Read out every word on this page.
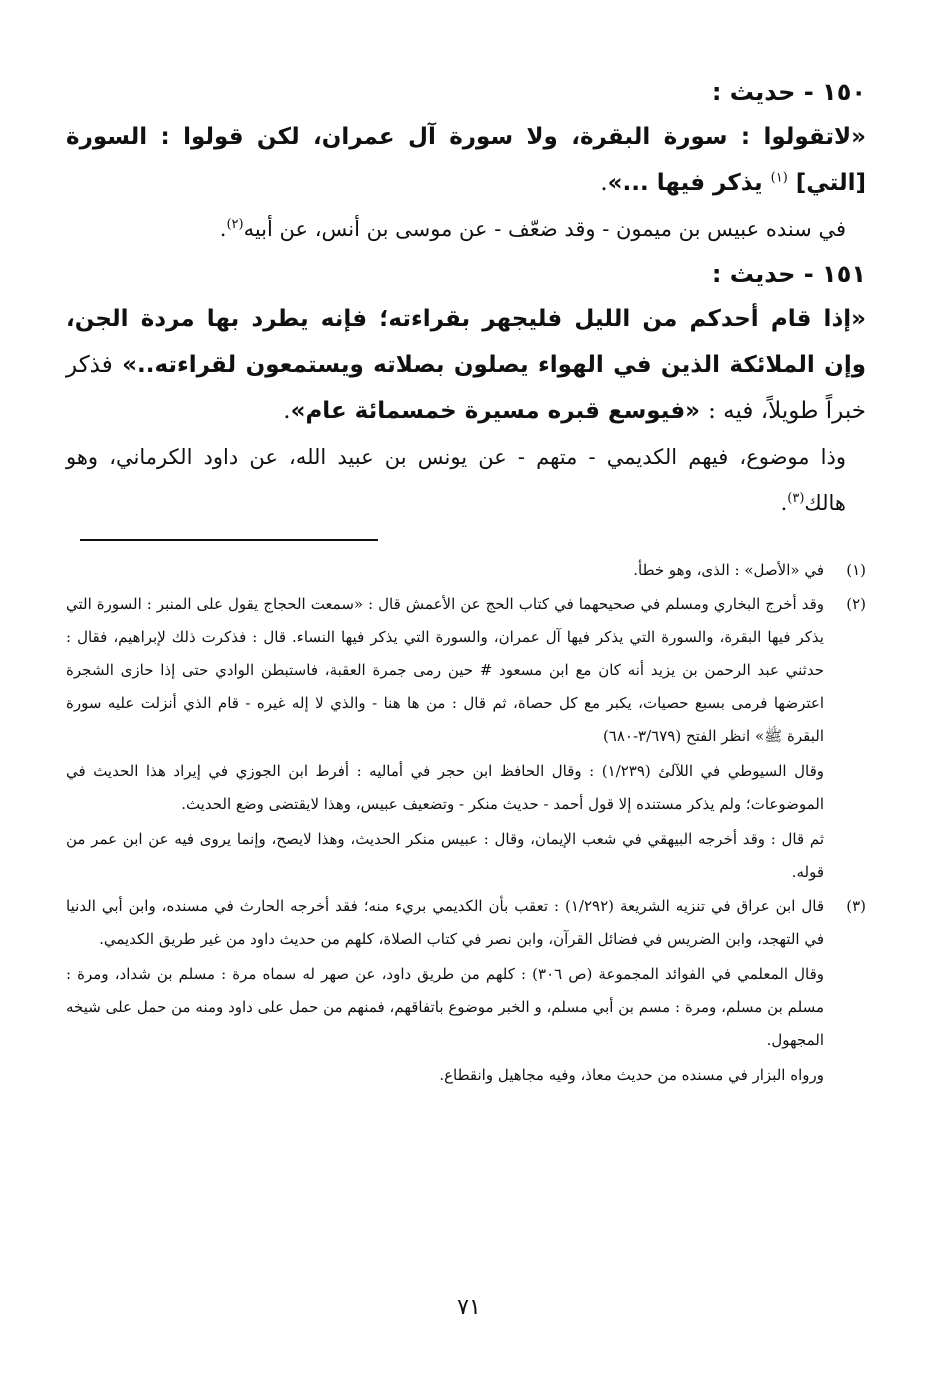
١٥٠ - حديث :

«لاتقولوا : سورة البقرة، ولا سورة آل عمران، لكن قولوا : السورة [التي] $^{(١)}$ يذكر فيها ...».

في سنده عبيس بن ميمون - وقد ضعّف - عن موسى بن أنس، عن أبيه$^{(٢)}$.

١٥١ - حديث :

«إذا قام أحدكم من الليل فليجهر بقراءته؛ فإنه يطرد بها مردة الجن، وإن الملائكة الذين في الهواء يصلون بصلاته ويستمعون لقراءته..» فذكر خبراً طويلاً، فيه : «فيوسع قبره مسيرة خمسمائة عام».

وذا موضوع، فيهم الكديمي - متهم - عن يونس بن عبيد الله، عن داود الكرماني، وهو هالك$^{(٣)}$.

(١)

في «الأصل» : الذى، وهو خطأ.

(٢)

وقد أخرج البخاري ومسلم في صحيحهما في كتاب الحج عن الأعمش قال : «سمعت الحجاج يقول على المنبر : السورة التي يذكر فيها البقرة، والسورة التي يذكر فيها آل عمران، والسورة التي يذكر فيها النساء. قال : فذكرت ذلك لإبراهيم، فقال : حدثني عبد الرحمن بن يزيد أنه كان مع ابن مسعود # حين رمى جمرة العقبة، فاستبطن الوادي حتى إذا حازى الشجرة اعترضها فرمى بسبع حصيات، يكبر مع كل حصاة، ثم قال : من ها هنا - والذي لا إله غيره - قام الذي أنزلت عليه سورة البقرة ﷺ» انظر الفتح (٣/٦٧٩-٦٨٠)

وقال السيوطي في اللآلئ (١/٢٣٩) : وقال الحافظ ابن حجر في أماليه : أفرط ابن الجوزي في إيراد هذا الحديث في الموضوعات؛ ولم يذكر مستنده إلا قول أحمد - حديث منكر - وتضعيف عبيس، وهذا لايقتضى وضع الحديث.

ثم قال : وقد أخرجه البيهقي في شعب الإيمان، وقال : عبيس منكر الحديث، وهذا لايصح، وإنما يروى فيه عن ابن عمر من قوله.

(٣)

قال ابن عراق في تنزيه الشريعة (١/٢٩٢) : تعقب بأن الكديمي بريء منه؛ فقد أخرجه الحارث في مسنده، وابن أبي الدنيا في التهجد، وابن الضريس في فضائل القرآن، وابن نصر في كتاب الصلاة، كلهم من حديث داود من غير طريق الكديمي.

وقال المعلمي في الفوائد المجموعة (ص ٣٠٦) : كلهم من طريق داود، عن صهر له سماه مرة : مسلم بن شداد، ومرة : مسلم بن مسلم، ومرة : مسم بن أبي مسلم، و الخبر موضوع باتفاقهم، فمنهم من حمل على داود ومنه من حمل على شيخه المجهول.

ورواه البزار في مسنده من حديث معاذ، وفيه مجاهيل وانقطاع.

٧١
